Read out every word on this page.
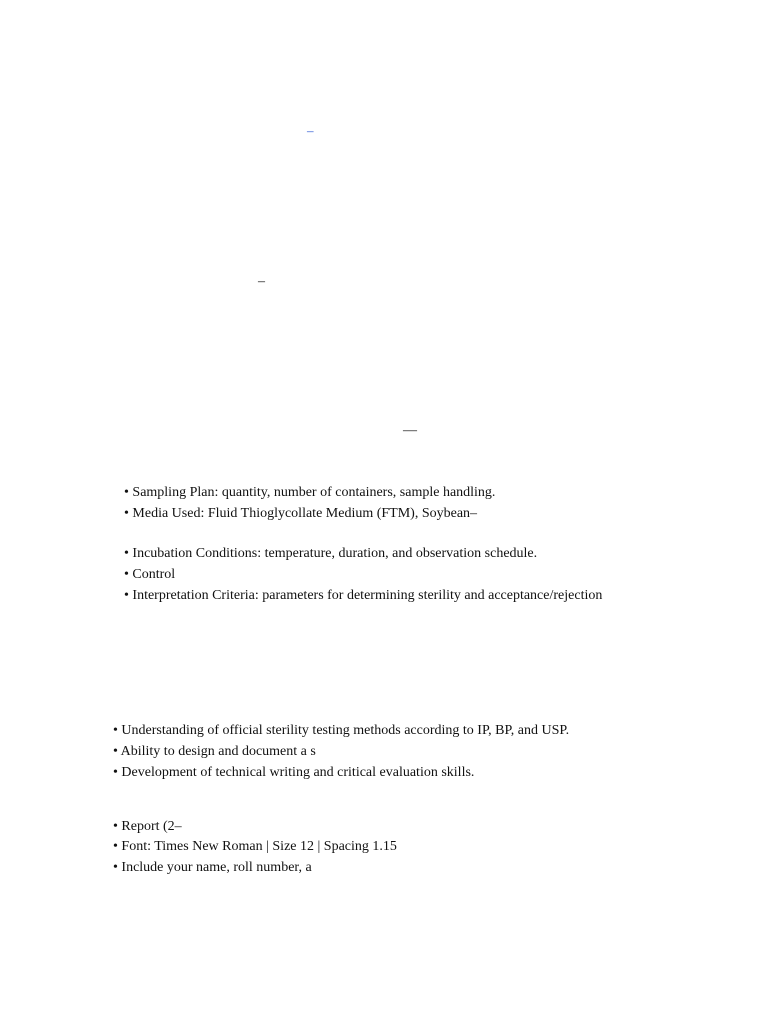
–
–
—
• Sampling Plan: quantity, number of containers, sample handling.
• Media Used: Fluid Thioglycollate Medium (FTM), Soybean–
• Incubation Conditions: temperature, duration, and observation schedule.
• Control
• Interpretation Criteria: parameters for determining sterility and acceptance/rejection
• Understanding of official sterility testing methods according to IP, BP, and USP.
• Ability to design and document a s
• Development of technical writing and critical evaluation skills.
• Report (2–
• Font: Times New Roman | Size 12 | Spacing 1.15
• Include your name, roll number, a
